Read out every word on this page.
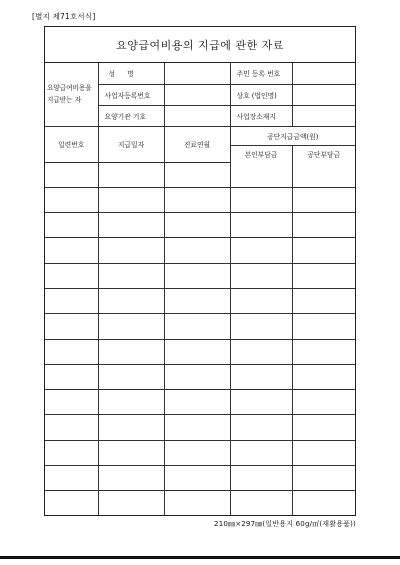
[별지 제71호서식]
요양급여비용의 지급에 관한 자료
요양급여비용을 지급받는 자	성명		주민 등록 번호	
	사업자등록번호		상호 (법인명)	
	요양기관 기호		사업장소재지	
일련번호	지급일자	진료연월	공단지급금액(원)	
			본인부담금	공단부담금

210㎜×297㎜(일반용지 60g/㎡(재활용품))
